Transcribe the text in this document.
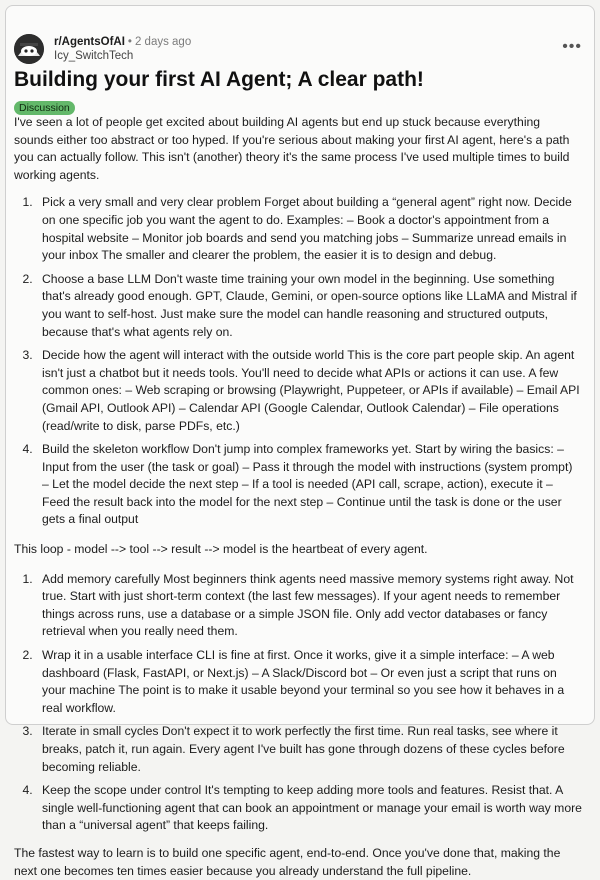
r/AgentsOfAI • 2 days ago
Icy_SwitchTech
•••
Building your first AI Agent; A clear path!
Discussion

I've seen a lot of people get excited about building AI agents but end up stuck because everything sounds either too abstract or too hyped. If you're serious about making your first AI agent, here's a path you can actually follow. This isn't (another) theory it's the same process I've used multiple times to build working agents.

1. Pick a very small and very clear problem Forget about building a “general agent” right now. Decide on one specific job you want the agent to do. Examples: – Book a doctor's appointment from a hospital website – Monitor job boards and send you matching jobs – Summarize unread emails in your inbox The smaller and clearer the problem, the easier it is to design and debug.
2. Choose a base LLM Don't waste time training your own model in the beginning. Use something that's already good enough. GPT, Claude, Gemini, or open-source options like LLaMA and Mistral if you want to self-host. Just make sure the model can handle reasoning and structured outputs, because that's what agents rely on.
3. Decide how the agent will interact with the outside world This is the core part people skip. An agent isn't just a chatbot but it needs tools. You'll need to decide what APIs or actions it can use. A few common ones: – Web scraping or browsing (Playwright, Puppeteer, or APIs if available) – Email API (Gmail API, Outlook API) – Calendar API (Google Calendar, Outlook Calendar) – File operations (read/write to disk, parse PDFs, etc.)
4. Build the skeleton workflow Don't jump into complex frameworks yet. Start by wiring the basics: – Input from the user (the task or goal) – Pass it through the model with instructions (system prompt) – Let the model decide the next step – If a tool is needed (API call, scrape, action), execute it – Feed the result back into the model for the next step – Continue until the task is done or the user gets a final output

This loop - model --> tool --> result --> model is the heartbeat of every agent.

1. Add memory carefully Most beginners think agents need massive memory systems right away. Not true. Start with just short-term context (the last few messages). If your agent needs to remember things across runs, use a database or a simple JSON file. Only add vector databases or fancy retrieval when you really need them.
2. Wrap it in a usable interface CLI is fine at first. Once it works, give it a simple interface: – A web dashboard (Flask, FastAPI, or Next.js) – A Slack/Discord bot – Or even just a script that runs on your machine The point is to make it usable beyond your terminal so you see how it behaves in a real workflow.
3. Iterate in small cycles Don't expect it to work perfectly the first time. Run real tasks, see where it breaks, patch it, run again. Every agent I've built has gone through dozens of these cycles before becoming reliable.
4. Keep the scope under control It's tempting to keep adding more tools and features. Resist that. A single well-functioning agent that can book an appointment or manage your email is worth way more than a “universal agent” that keeps failing.

The fastest way to learn is to build one specific agent, end-to-end. Once you've done that, making the next one becomes ten times easier because you already understand the full pipeline.
